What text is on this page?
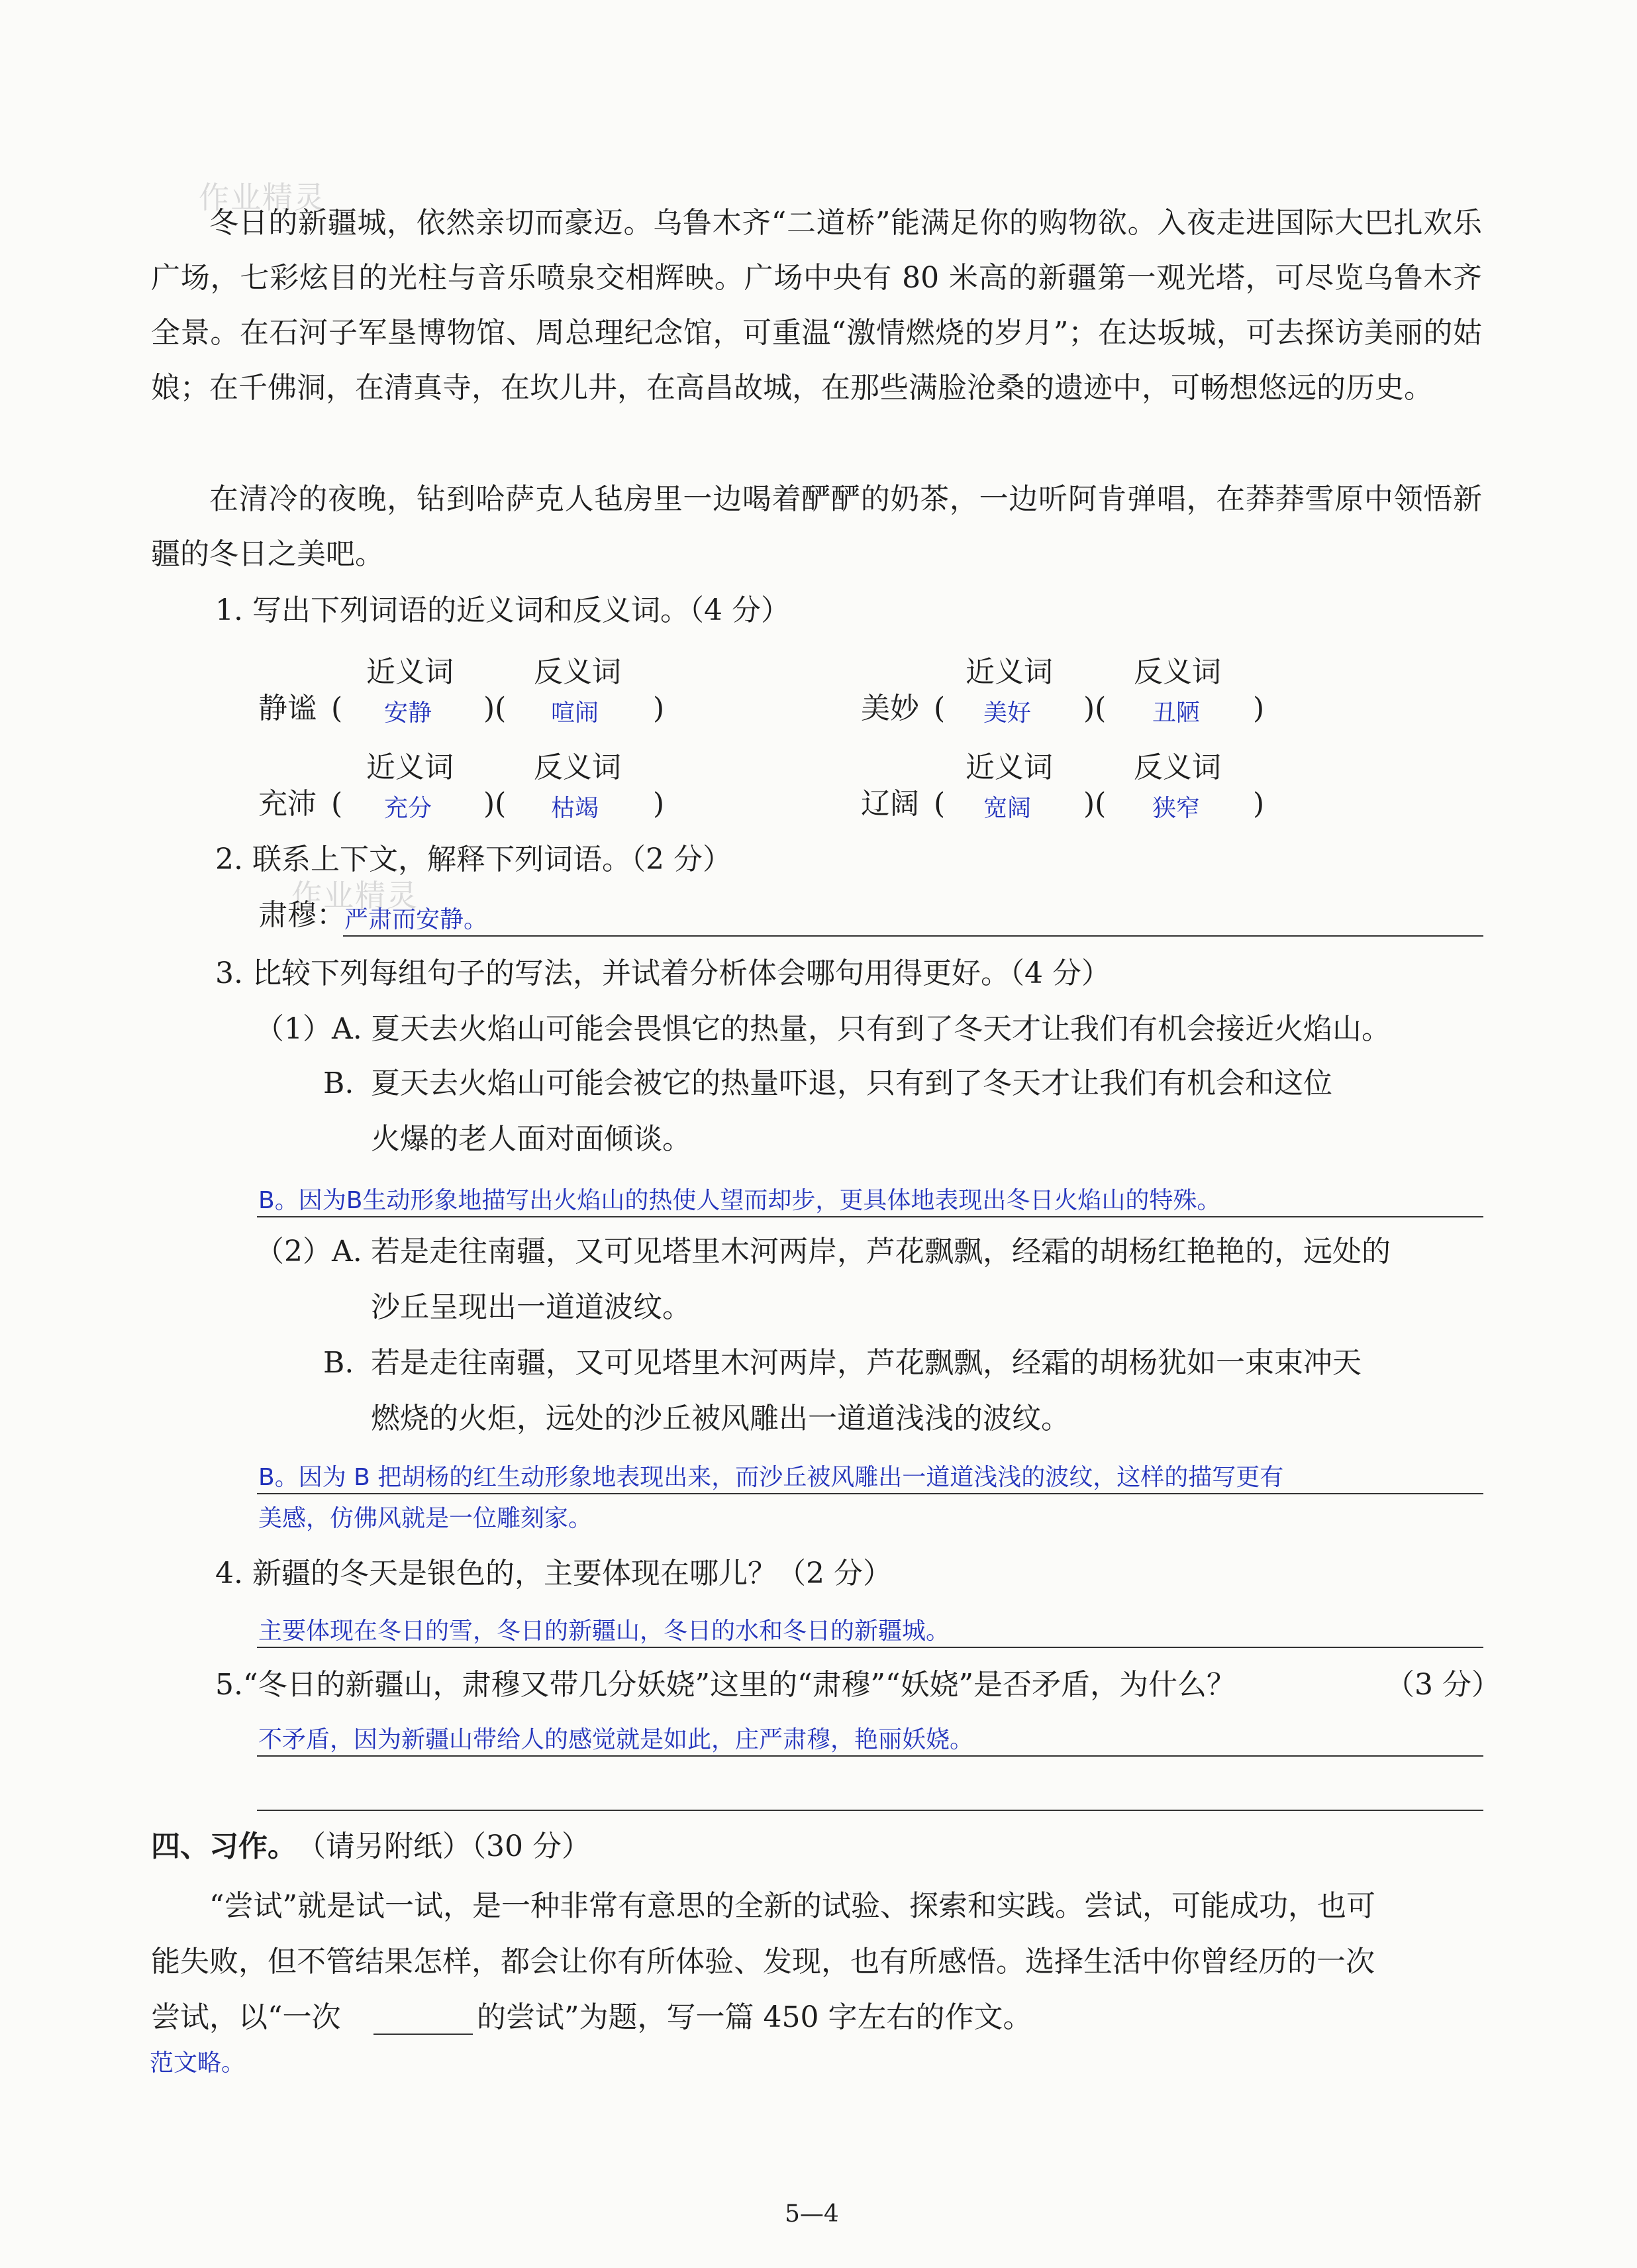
作业精灵
作业精灵

冬日的新疆城，依然亲切而豪迈。乌鲁木齐“二道桥”能满足你的购物欲。入夜走进国际大巴扎欢乐广场，七彩炫目的光柱与音乐喷泉交相辉映。广场中央有 80 米高的新疆第一观光塔，可尽览乌鲁木齐全景。在石河子军垦博物馆、周总理纪念馆，可重温“激情燃烧的岁月”；在达坂城，可去探访美丽的姑娘；在千佛洞，在清真寺，在坎儿井，在高昌故城，在那些满脸沧桑的遗迹中，可畅想悠远的历史。

在清冷的夜晚，钻到哈萨克人毡房里一边喝着酽酽的奶茶，一边听阿肯弹唱，在莽莽雪原中领悟新疆的冬日之美吧。

1. 写出下列词语的近义词和反义词。（4 分）
近义词	反义词	近义词	反义词
静谧 ( 安静 )( 喧闹 )	美妙 ( 美好 )( 丑陋 )
近义词	反义词	近义词	反义词
充沛 ( 充分 )( 枯竭 )	辽阔 ( 宽阔 )( 狭窄 )
2. 联系上下文，解释下列词语。（2 分）
肃穆：
严肃而安静。
3. 比较下列每组句子的写法，并试着分析体会哪句用得更好。（4 分）
（1）A. 夏天去火焰山可能会畏惧它的热量，只有到了冬天才让我们有机会接近火焰山。
B. 夏天去火焰山可能会被它的热量吓退，只有到了冬天才让我们有机会和这位
火爆的老人面对面倾谈。
B。因为B生动形象地描写出火焰山的热使人望而却步，更具体地表现出冬日火焰山的特殊。
（2）A. 若是走往南疆，又可见塔里木河两岸，芦花飘飘，经霜的胡杨红艳艳的，远处的
沙丘呈现出一道道波纹。
B. 若是走往南疆，又可见塔里木河两岸，芦花飘飘，经霜的胡杨犹如一束束冲天
燃烧的火炬，远处的沙丘被风雕出一道道浅浅的波纹。
B。因为 B 把胡杨的红生动形象地表现出来，而沙丘被风雕出一道道浅浅的波纹，这样的描写更有
美感，仿佛风就是一位雕刻家。
4. 新疆的冬天是银色的，主要体现在哪儿？（2 分）
主要体现在冬日的雪，冬日的新疆山，冬日的水和冬日的新疆城。
5.“冬日的新疆山，肃穆又带几分妖娆”这里的“肃穆”“妖娆”是否矛盾，为什么？	（3 分）
不矛盾，因为新疆山带给人的感觉就是如此，庄严肃穆，艳丽妖娆。
四、习作。 （请另附纸）（30 分）
“尝试”就是试一试，是一种非常有意思的全新的试验、探索和实践。尝试，可能成功，也可
能失败，但不管结果怎样，都会让你有所体验、发现，也有所感悟。选择生活中你曾经历的一次
尝试，以“一次	的尝试”为题，写一篇 450 字左右的作文。
范文略。
5—4
